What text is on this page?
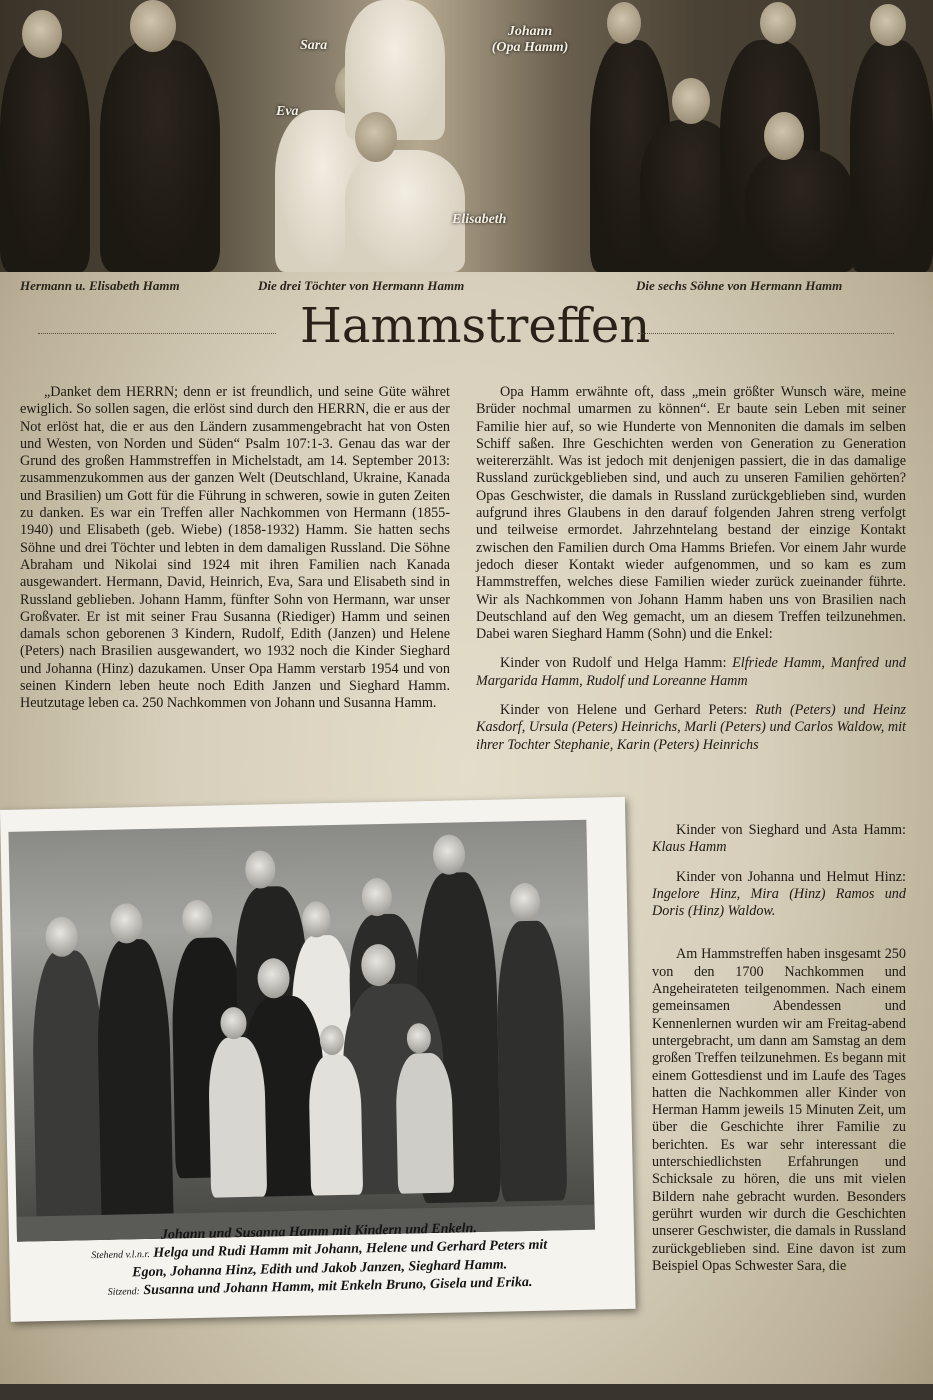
Sara
Eva
Johann
(Opa Hamm)
Elisabeth
Hermann u. Elisabeth Hamm	Die drei Töchter von Hermann Hamm	Die sechs Söhne von Hermann Hamm
Hammstreffen

„Danket dem HERRN; denn er ist freundlich, und seine Güte währet ewiglich. So sollen sagen, die erlöst sind durch den HERRN, die er aus der Not erlöst hat, die er aus den Ländern zusammengebracht hat von Osten und Westen, von Norden und Süden“ Psalm 107:1-3. Genau das war der Grund des großen Hammstreffen in Michelstadt, am 14. September 2013: zusammenzukommen aus der ganzen Welt (Deutschland, Ukraine, Kanada und Brasilien) um Gott für die Führung in schweren, sowie in guten Zeiten zu danken. Es war ein Treffen aller Nachkommen von Hermann (1855-1940) und Elisabeth (geb. Wiebe) (1858-1932) Hamm. Sie hatten sechs Söhne und drei Töchter und lebten in dem damaligen Russland. Die Söhne Abraham und Nikolai sind 1924 mit ihren Familien nach Kanada ausgewandert. Hermann, David, Heinrich, Eva, Sara und Elisabeth sind in Russland geblieben. Johann Hamm, fünfter Sohn von Hermann, war unser Großvater. Er ist mit seiner Frau Susanna (Riediger) Hamm und seinen damals schon geborenen 3 Kindern, Rudolf, Edith (Janzen) und Helene (Peters) nach Brasilien ausgewandert, wo 1932 noch die Kinder Sieghard und Johanna (Hinz) dazukamen. Unser Opa Hamm verstarb 1954 und von seinen Kindern leben heute noch Edith Janzen und Sieghard Hamm. Heutzutage leben ca. 250 Nachkommen von Johann und Susanna Hamm.

Opa Hamm erwähnte oft, dass „mein größter Wunsch wäre, meine Brüder nochmal umarmen zu können“. Er baute sein Leben mit seiner Familie hier auf, so wie Hunderte von Mennoniten die damals im selben Schiff saßen. Ihre Geschichten werden von Generation zu Generation weitererzählt. Was ist jedoch mit denjenigen passiert, die in das damalige Russland zurückgeblieben sind, und auch zu unseren Familien gehörten? Opas Geschwister, die damals in Russland zurückgeblieben sind, wurden aufgrund ihres Glaubens in den darauf folgenden Jahren streng verfolgt und teilweise ermordet. Jahrzehntelang bestand der einzige Kontakt zwischen den Familien durch Oma Hamms Briefen. Vor einem Jahr wurde jedoch dieser Kontakt wieder aufgenommen, und so kam es zum Hammstreffen, welches diese Familien wieder zurück zueinander führte. Wir als Nachkommen von Johann Hamm haben uns von Brasilien nach Deutschland auf den Weg gemacht, um an diesem Treffen teilzunehmen. Dabei waren Sieghard Hamm (Sohn) und die Enkel:

Kinder von Rudolf und Helga Hamm: Elfriede Hamm, Manfred und Margarida Hamm, Rudolf und Loreanne Hamm

Kinder von Helene und Gerhard Peters: Ruth (Peters) und Heinz Kasdorf, Ursula (Peters) Heinrichs, Marli (Peters) und Carlos Waldow, mit ihrer Tochter Stephanie, Karin (Peters) Heinrichs

Kinder von Sieghard und Asta Hamm: Klaus Hamm

Kinder von Johanna und Helmut Hinz: Ingelore Hinz, Mira (Hinz) Ramos und Doris (Hinz) Waldow.

Am Hammstreffen haben insgesamt 250 von den 1700 Nachkommen und Angeheirateten teilgenommen. Nach einem gemeinsamen Abendessen und Kennenlernen wurden wir am Freitag-abend untergebracht, um dann am Samstag an dem großen Treffen teilzunehmen. Es begann mit einem Gottesdienst und im Laufe des Tages hatten die Nachkommen aller Kinder von Herman Hamm jeweils 15 Minuten Zeit, um über die Geschichte ihrer Familie zu berichten. Es war sehr interessant die unterschiedlichsten Erfahrungen und Schicksale zu hören, die uns mit vielen Bildern nahe gebracht wurden. Besonders gerührt wurden wir durch die Geschichten unserer Geschwister, die damals in Russland zurückgeblieben sind. Eine davon ist zum Beispiel Opas Schwester Sara, die

Johann und Susanna Hamm mit Kindern und Enkeln.
Stehend v.l.n.r. Helga und Rudi Hamm mit Johann, Helene und Gerhard Peters mit
Egon, Johanna Hinz, Edith und Jakob Janzen, Sieghard Hamm.
Sitzend: Susanna und Johann Hamm, mit Enkeln Bruno, Gisela und Erika.
